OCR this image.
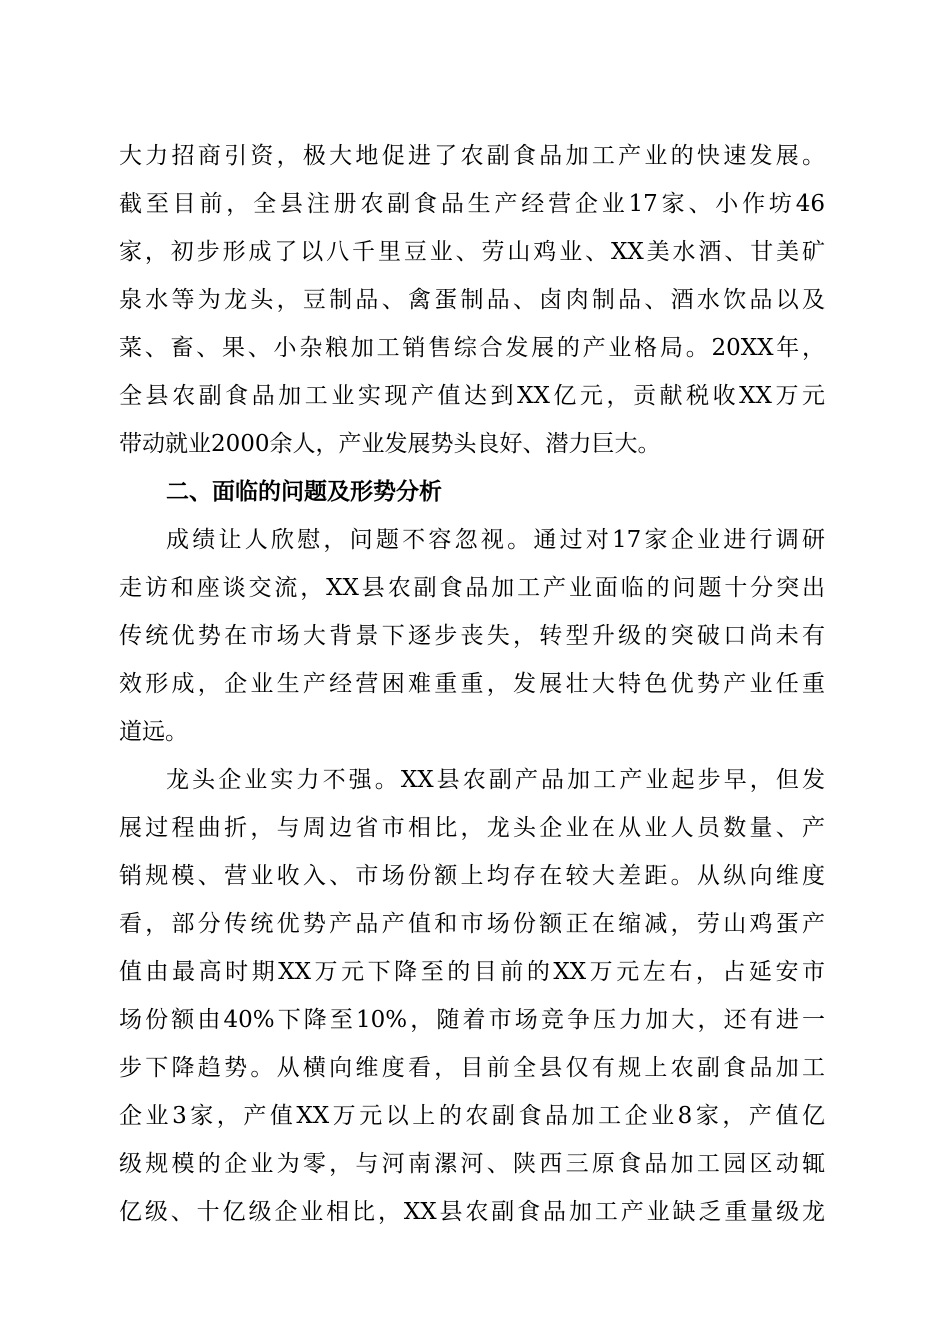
大力招商引资，极大地促进了农副食品加工产业的快速发展。
截至目前，全县注册农副食品生产经营企业17家、小作坊46
家，初步形成了以八千里豆业、劳山鸡业、XX美水酒、甘美矿
泉水等为龙头，豆制品、禽蛋制品、卤肉制品、酒水饮品以及
菜、畜、果、小杂粮加工销售综合发展的产业格局。20XX年，
全县农副食品加工业实现产值达到XX亿元，贡献税收XX万元
带动就业2000余人，产业发展势头良好、潜力巨大。
二、面临的问题及形势分析
成绩让人欣慰，问题不容忽视。通过对17家企业进行调研
走访和座谈交流，XX县农副食品加工产业面临的问题十分突出
传统优势在市场大背景下逐步丧失，转型升级的突破口尚未有
效形成，企业生产经营困难重重，发展壮大特色优势产业任重
道远。
龙头企业实力不强。XX县农副产品加工产业起步早，但发
展过程曲折，与周边省市相比，龙头企业在从业人员数量、产
销规模、营业收入、市场份额上均存在较大差距。从纵向维度
看，部分传统优势产品产值和市场份额正在缩减，劳山鸡蛋产
值由最高时期XX万元下降至的目前的XX万元左右，占延安市
场份额由40%下降至10%，随着市场竞争压力加大，还有进一
步下降趋势。从横向维度看，目前全县仅有规上农副食品加工
企业3家，产值XX万元以上的农副食品加工企业8家，产值亿
级规模的企业为零，与河南漯河、陕西三原食品加工园区动辄
亿级、十亿级企业相比，XX县农副食品加工产业缺乏重量级龙
